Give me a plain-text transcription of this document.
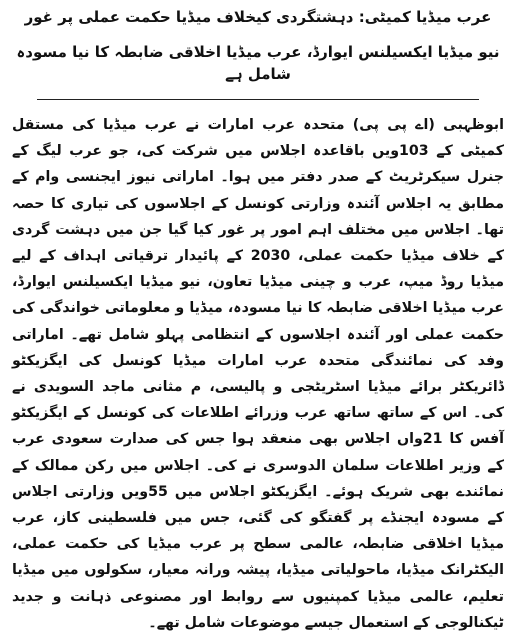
عرب میڈیا کمیٹی: دہشتگردی کیخلاف میڈیا حکمت عملی پر غور
نیو میڈیا ایکسیلنس ایوارڈ، عرب میڈیا اخلاقی ضابطہ کا نیا مسودہ شامل ہے

ابوظہبی (اے پی پی) متحدہ عرب امارات نے عرب میڈیا کی مستقل کمیٹی کے 103ویں باقاعدہ اجلاس میں شرکت کی، جو عرب لیگ کے جنرل سیکرٹریٹ کے صدر دفتر میں ہوا۔ اماراتی نیوز ایجنسی وام کے مطابق یہ اجلاس آئندہ وزارتی کونسل کے اجلاسوں کی تیاری کا حصہ تھا۔ اجلاس میں مختلف اہم امور پر غور کیا گیا جن میں دہشت گردی کے خلاف میڈیا حکمت عملی، 2030 کے پائیدار ترقیاتی اہداف کے لیے میڈیا روڈ میپ، عرب و چینی میڈیا تعاون، نیو میڈیا ایکسیلنس ایوارڈ، عرب میڈیا اخلاقی ضابطہ کا نیا مسودہ، میڈیا و معلوماتی خواندگی کی حکمت عملی اور آئندہ اجلاسوں کے انتظامی پہلو شامل تھے۔ اماراتی وفد کی نمائندگی متحدہ عرب امارات میڈیا کونسل کی ایگزیکٹو ڈائریکٹر برائے میڈیا اسٹریٹجی و پالیسی، م مثانی ماجد السویدی نے کی۔ اس کے ساتھ ساتھ عرب وزرائے اطلاعات کی کونسل کے ایگزیکٹو آفس کا 21واں اجلاس بھی منعقد ہوا جس کی صدارت سعودی عرب کے وزیر اطلاعات سلمان الدوسری نے کی۔ اجلاس میں رکن ممالک کے نمائندے بھی شریک ہوئے۔ ایگزیکٹو اجلاس میں 55ویں وزارتی اجلاس کے مسودہ ایجنڈے پر گفتگو کی گئی، جس میں فلسطینی کاز، عرب میڈیا اخلاقی ضابطہ، عالمی سطح پر عرب میڈیا کی حکمت عملی، الیکٹرانک میڈیا، ماحولیاتی میڈیا، پیشہ ورانہ معیار، سکولوں میں میڈیا تعلیم، عالمی میڈیا کمپنیوں سے روابط اور مصنوعی ذہانت و جدید ٹیکنالوجی کے استعمال جیسے موضوعات شامل تھے۔
